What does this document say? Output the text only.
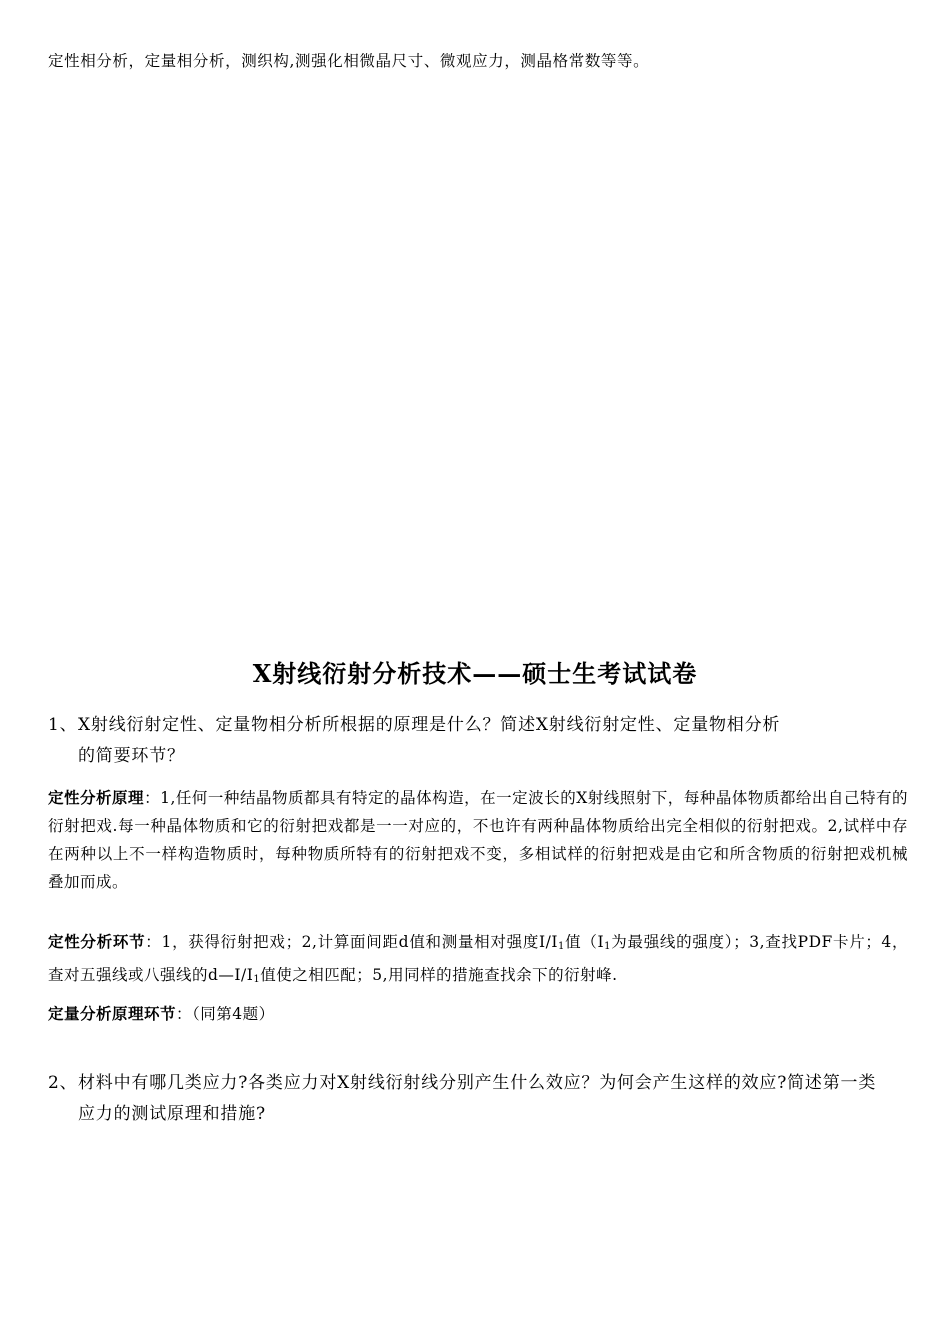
定性相分析，定量相分析，测织构,测强化相微晶尺寸、微观应力，测晶格常数等等。
X射线衍射分析技术——硕士生考试试卷
1、X射线衍射定性、定量物相分析所根据的原理是什么？简述X射线衍射定性、定量物相分析
的简要环节？
定性分析原理：1,任何一种结晶物质都具有特定的晶体构造，在一定波长的X射线照射下，每种晶体物质都给出自己特有的衍射把戏.每一种晶体物质和它的衍射把戏都是一一对应的，不也许有两种晶体物质给出完全相似的衍射把戏。2,试样中存在两种以上不一样构造物质时，每种物质所特有的衍射把戏不变，多相试样的衍射把戏是由它和所含物质的衍射把戏机械叠加而成。
定性分析环节：1，获得衍射把戏；2,计算面间距d值和测量相对强度$I/I_1$值（$I_1$为最强线的强度）；3,查找PDF卡片；4，查对五强线或八强线的$d—I/I_1$值使之相匹配；5,用同样的措施查找余下的衍射峰.
定量分析原理环节：（同第4题）
2、材料中有哪几类应力?各类应力对X射线衍射线分别产生什么效应？为何会产生这样的效应?简述第一类
应力的测试原理和措施?
